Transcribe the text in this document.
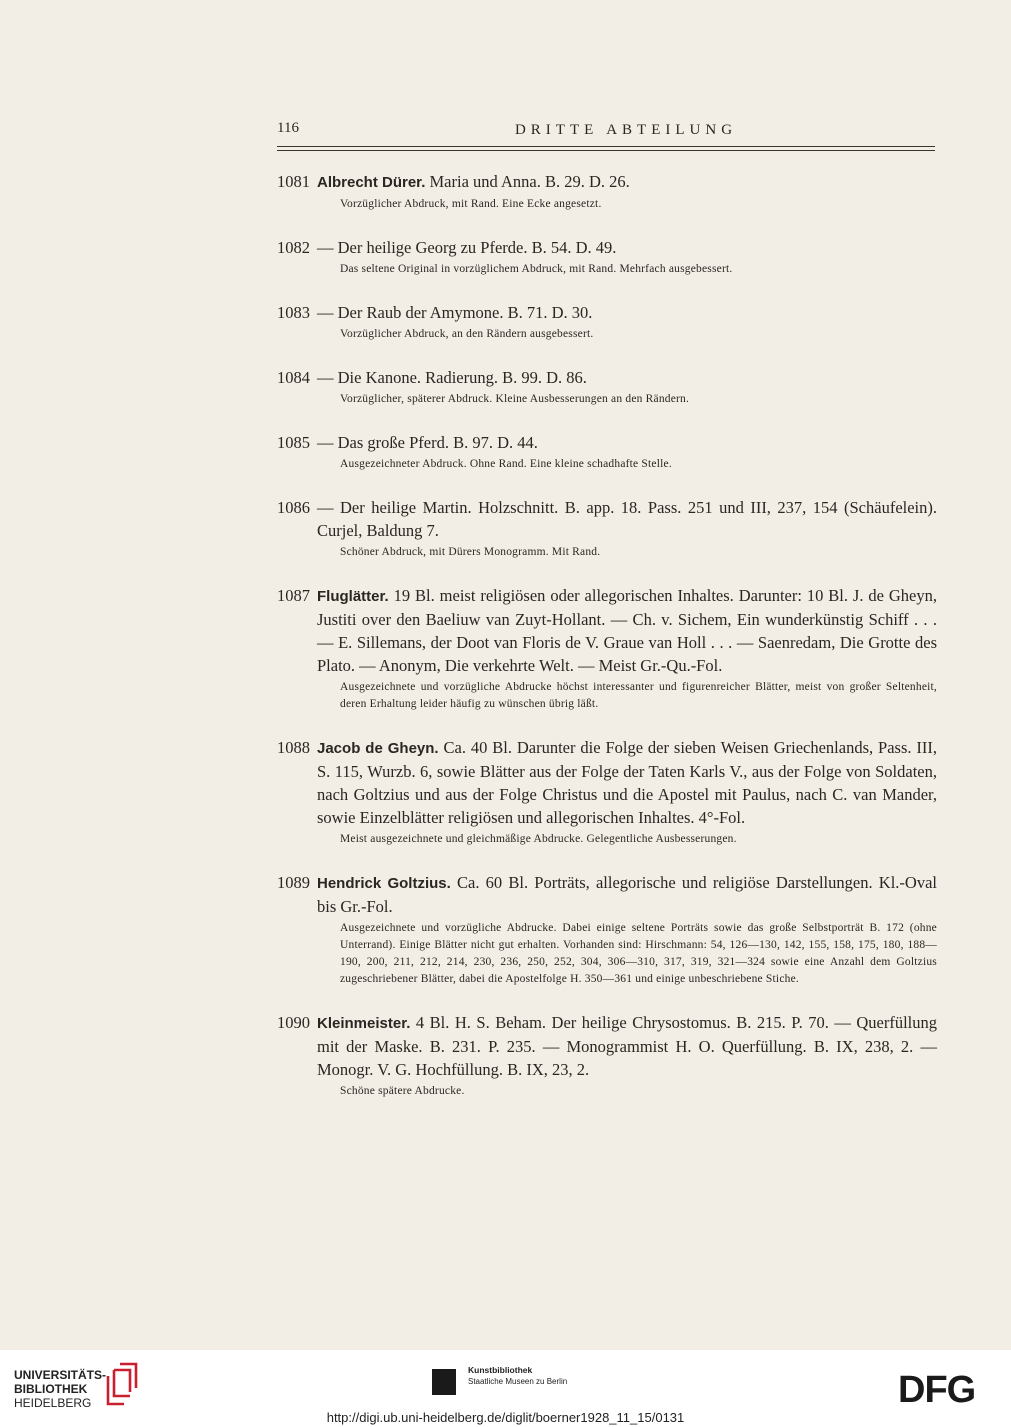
116	DRITTE ABTEILUNG
1081 Albrecht Dürer. Maria und Anna. B. 29. D. 26.
Vorzüglicher Abdruck, mit Rand. Eine Ecke angesetzt.
1082 — Der heilige Georg zu Pferde. B. 54. D. 49.
Das seltene Original in vorzüglichem Abdruck, mit Rand. Mehrfach ausgebessert.
1083 — Der Raub der Amymone. B. 71. D. 30.
Vorzüglicher Abdruck, an den Rändern ausgebessert.
1084 — Die Kanone. Radierung. B. 99. D. 86.
Vorzüglicher, späterer Abdruck. Kleine Ausbesserungen an den Rändern.
1085 — Das große Pferd. B. 97. D. 44.
Ausgezeichneter Abdruck. Ohne Rand. Eine kleine schadhafte Stelle.
1086 — Der heilige Martin. Holzschnitt. B. app. 18. Pass. 251 und III, 237, 154 (Schäufelein). Curjel, Baldung 7.
Schöner Abdruck, mit Dürers Monogramm. Mit Rand.
1087 Fluglätter. 19 Bl. meist religiösen oder allegorischen Inhaltes. Darunter: 10 Bl. J. de Gheyn, Justiti over den Baeliuw van Zuyt-Hollant. — Ch. v. Sichem, Ein wunderkünstig Schiff . . . — E. Sillemans, der Doot van Floris de V. Graue van Holl . . . — Saenredam, Die Grotte des Plato. — Anonym, Die verkehrte Welt. — Meist Gr.-Qu.-Fol.
Ausgezeichnete und vorzügliche Abdrucke höchst interessanter und figurenreicher Blätter, meist von großer Seltenheit, deren Erhaltung leider häufig zu wünschen übrig läßt.
1088 Jacob de Gheyn. Ca. 40 Bl. Darunter die Folge der sieben Weisen Griechenlands, Pass. III, S. 115, Wurzb. 6, sowie Blätter aus der Folge der Taten Karls V., aus der Folge von Soldaten, nach Goltzius und aus der Folge Christus und die Apostel mit Paulus, nach C. van Mander, sowie Einzelblätter religiösen und allegorischen Inhaltes. 4°-Fol.
Meist ausgezeichnete und gleichmäßige Abdrucke. Gelegentliche Ausbesserungen.
1089 Hendrick Goltzius. Ca. 60 Bl. Porträts, allegorische und religiöse Darstellungen. Kl.-Oval bis Gr.-Fol.
Ausgezeichnete und vorzügliche Abdrucke. Dabei einige seltene Porträts sowie das große Selbstporträt B. 172 (ohne Unterrand). Einige Blätter nicht gut erhalten. Vorhanden sind: Hirschmann: 54, 126—130, 142, 155, 158, 175, 180, 188—190, 200, 211, 212, 214, 230, 236, 250, 252, 304, 306—310, 317, 319, 321—324 sowie eine Anzahl dem Goltzius zugeschriebener Blätter, dabei die Apostelfolge H. 350—361 und einige unbeschriebene Stiche.
1090 Kleinmeister. 4 Bl. H. S. Beham. Der heilige Chrysostomus. B. 215. P. 70. — Querfüllung mit der Maske. B. 231. P. 235. — Monogrammist H. O. Querfüllung. B. IX, 238, 2. — Monogr. V. G. Hochfüllung. B. IX, 23, 2.
Schöne spätere Abdrucke.
UNIVERSITÄTS-
BIBLIOTHEK
HEIDELBERG
Kunstbibliothek
Staatliche Museen zu Berlin	DFG
http://digi.ub.uni-heidelberg.de/diglit/boerner1928_11_15/0131
